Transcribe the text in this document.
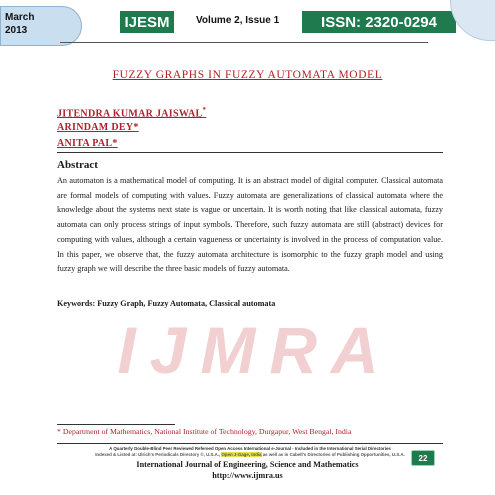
March
2013	IJESM	Volume 2, Issue 1	ISSN: 2320-0294
FUZZY GRAPHS IN FUZZY AUTOMATA MODEL
JITENDRA KUMAR JAISWAL*
ARINDAM DEY*
ANITA PAL*
IJMRA
Abstract

An automaton is a mathematical model of computing. It is an abstract model of digital computer. Classical automata are formal models of computing with values. Fuzzy automata are generalizations of classical automata where the knowledge about the systems next state is vague or uncertain. It is worth noting that like classical automata, fuzzy automata can only process strings of input symbols. Therefore, such fuzzy automata are still (abstract) devices for computing with values, although a certain vagueness or uncertainty is involved in the process of computation value. In this paper, we observe that, the fuzzy automata architecture is isomorphic to the fuzzy graph model and using fuzzy graph we will describe the three basic models of fuzzy automata.

Keywords: Fuzzy Graph, Fuzzy Automata, Classical automata
* Department of Mathematics, National Institute of Technology, Durgapur, West Bengal, India
A Quarterly Double-Blind Peer Reviewed Refereed Open Access International e-Journal - Included in the International Serial Directories
Indexed & Listed at: Ulrich's Periodicals Directory ©, U.S.A., Open J-Gage, India as well as in Cabell's Directories of Publishing Opportunities, U.S.A.
International Journal of Engineering, Science and Mathematics
http://www.ijmra.us
22
